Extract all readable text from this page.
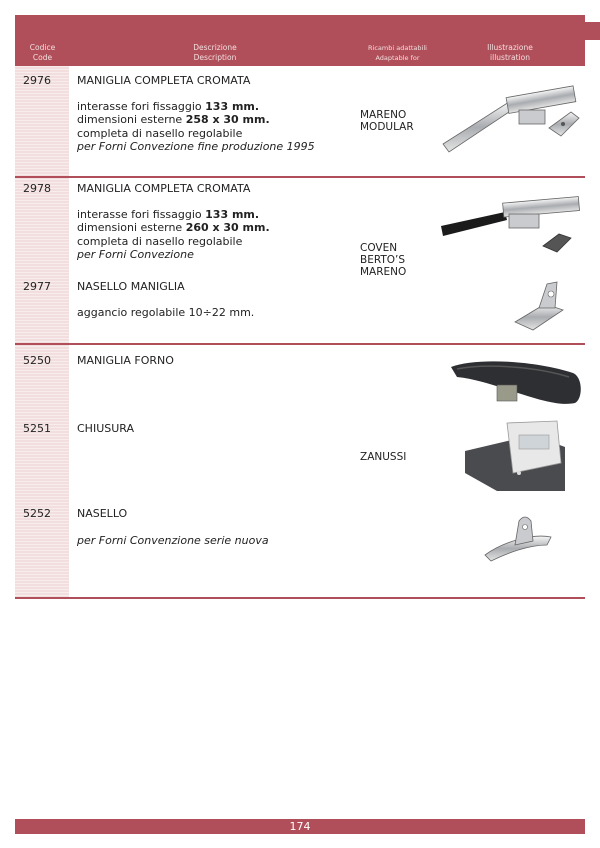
Codice
Code
Descrizione
Description
Ricambi adattabili
Adaptable for
Illustrazione
illustration
2976 MANIGLIA COMPLETA CROMATA
interasse fori fissaggio 133 mm.
dimensioni esterne 258 x 30 mm.
completa di nasello regolabile
per Forni Convezione fine produzione 1995
MARENO
MODULAR
2978 MANIGLIA COMPLETA CROMATA
interasse fori fissaggio 133 mm.
dimensioni esterne 260 x 30 mm.
completa di nasello regolabile
per Forni Convezione
2977 NASELLO MANIGLIA
aggancio regolabile 10÷22 mm.
COVEN
BERTO’S
MARENO
5250 MANIGLIA FORNO
5251 CHIUSURA
5252 NASELLO
per Forni Convenzione serie nuova
ZANUSSI
174
